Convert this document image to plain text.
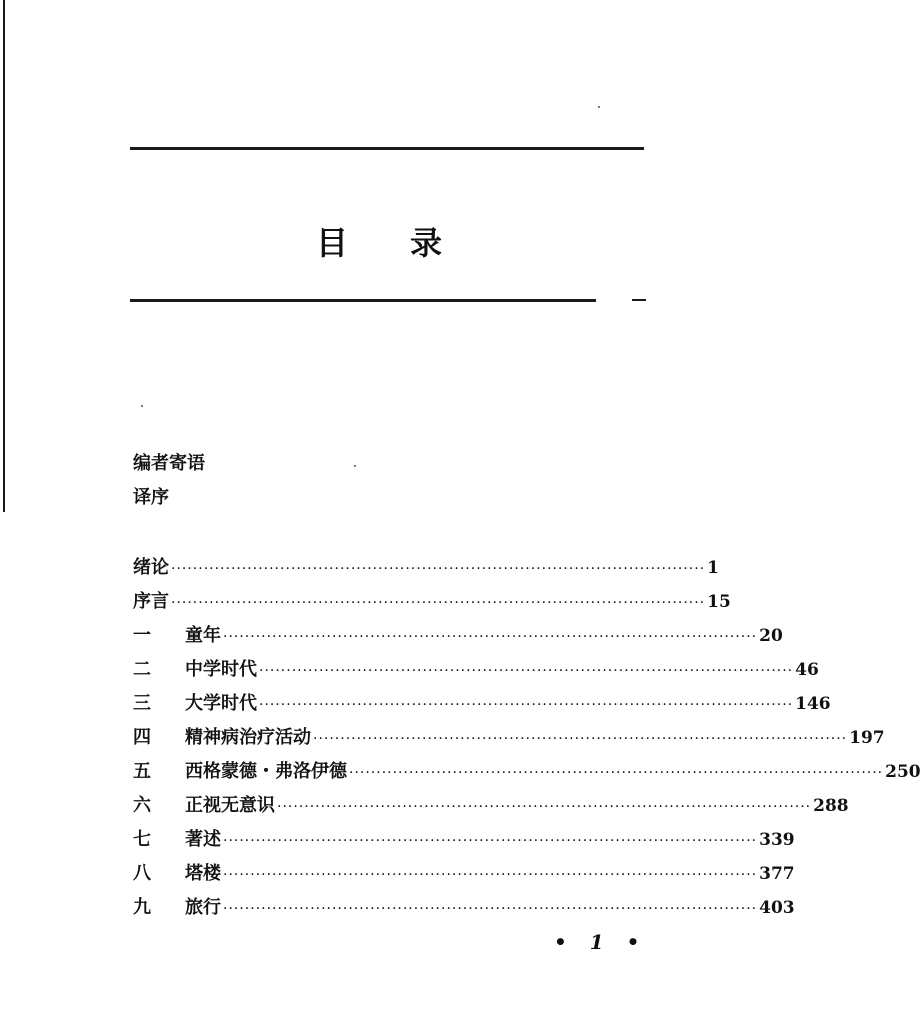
目 录
编者寄语
译序
绪论 ·································································································· 1
序言 ·································································································· 15
一	童年 ·································································································· 20
二	中学时代 ·································································································· 46
三	大学时代 ·································································································· 146
四	精神病治疗活动 ·································································································· 197
五	西格蒙德・弗洛伊德 ·································································································· 250
六	正视无意识 ·································································································· 288
七	著述 ·································································································· 339
八	塔楼 ·································································································· 377
九	旅行 ·································································································· 403
• 1 •
